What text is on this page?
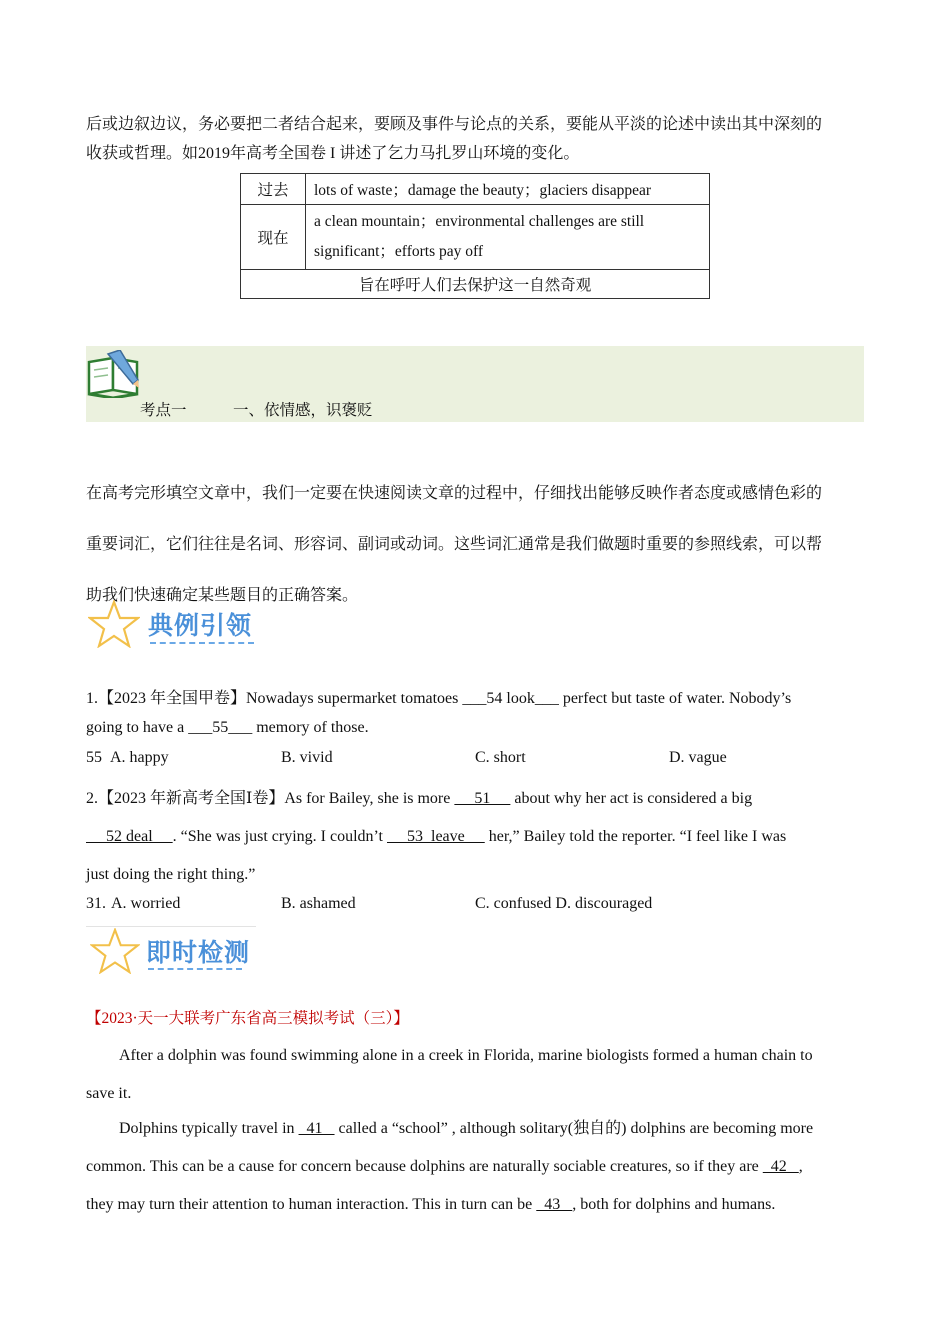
后或边叙边议，务必要把二者结合起来，要顾及事件与论点的关系，要能从平淡的论述中读出其中深刻的
收获或哲理。如2019年高考全国卷 I 讲述了乞力马扎罗山环境的变化。
过去	lots of waste；damage the beauty；glaciers disappear
现在	a clean mountain；environmental challenges are still
significant；efforts pay off

旨在呼吁人们去保护这一自然奇观	
考点一	一、依情感，识褒贬
在高考完形填空文章中，我们一定要在快速阅读文章的过程中，仔细找出能够反映作者态度或感情色彩的
重要词汇，它们往往是名词、形容词、副词或动词。这些词汇通常是我们做题时重要的参照线索，可以帮
助我们快速确定某些题目的正确答案。
典例引领
1.【2023 年全国甲卷】Nowadays supermarket tomatoes ___54 look___ perfect but taste of water. Nobody’s
going to have a ___55___ memory of those.
55 A. happy	B. vivid	C. short	D. vague
2.【2023 年新高考全国Ⅰ卷】As for Bailey, she is more      51      about why her act is considered a big
52 deal     . “She was just crying. I couldn’t      53  leave      her,” Bailey told the reporter. “I feel like I was
just doing the right thing.”
31. A. worried	B. ashamed	C. confused D. discouraged
即时检测
【2023·天一大联考广东省高三模拟考试（三）】
After a dolphin was found swimming alone in a creek in Florida, marine biologists formed a human chain to
save it.
Dolphins typically travel in   41    called a “school” , although solitary(独自的) dolphins are becoming more
common. This can be a cause for concern because dolphins are naturally sociable creatures, so if they are   42   ,
they may turn their attention to human interaction. This in turn can be   43   , both for dolphins and humans.
